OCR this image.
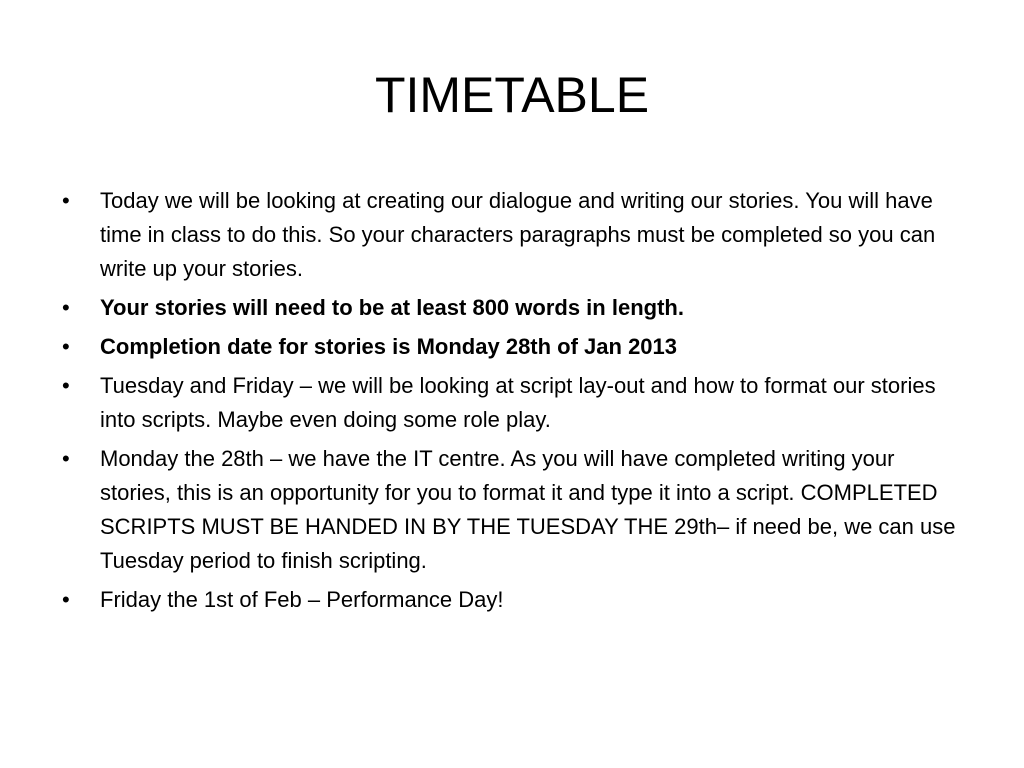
TIMETABLE
•	Today we will be looking at creating our dialogue and writing our stories. You will have time in class to do this. So your characters paragraphs must be completed so you can write up your stories.
•	Your stories will need to be at least 800 words in length.
•	Completion date for stories is Monday 28th of Jan 2013
•	Tuesday and Friday – we will be looking at script lay-out and how to format our stories into scripts. Maybe even doing some role play.
•	Monday the 28th – we have the IT centre. As you will have completed writing your stories, this is an opportunity for you to format it and type it into a script. COMPLETED SCRIPTS MUST BE HANDED IN BY THE TUESDAY THE 29th– if need be, we can use Tuesday period to finish scripting.
•	Friday the 1st of Feb – Performance Day!
